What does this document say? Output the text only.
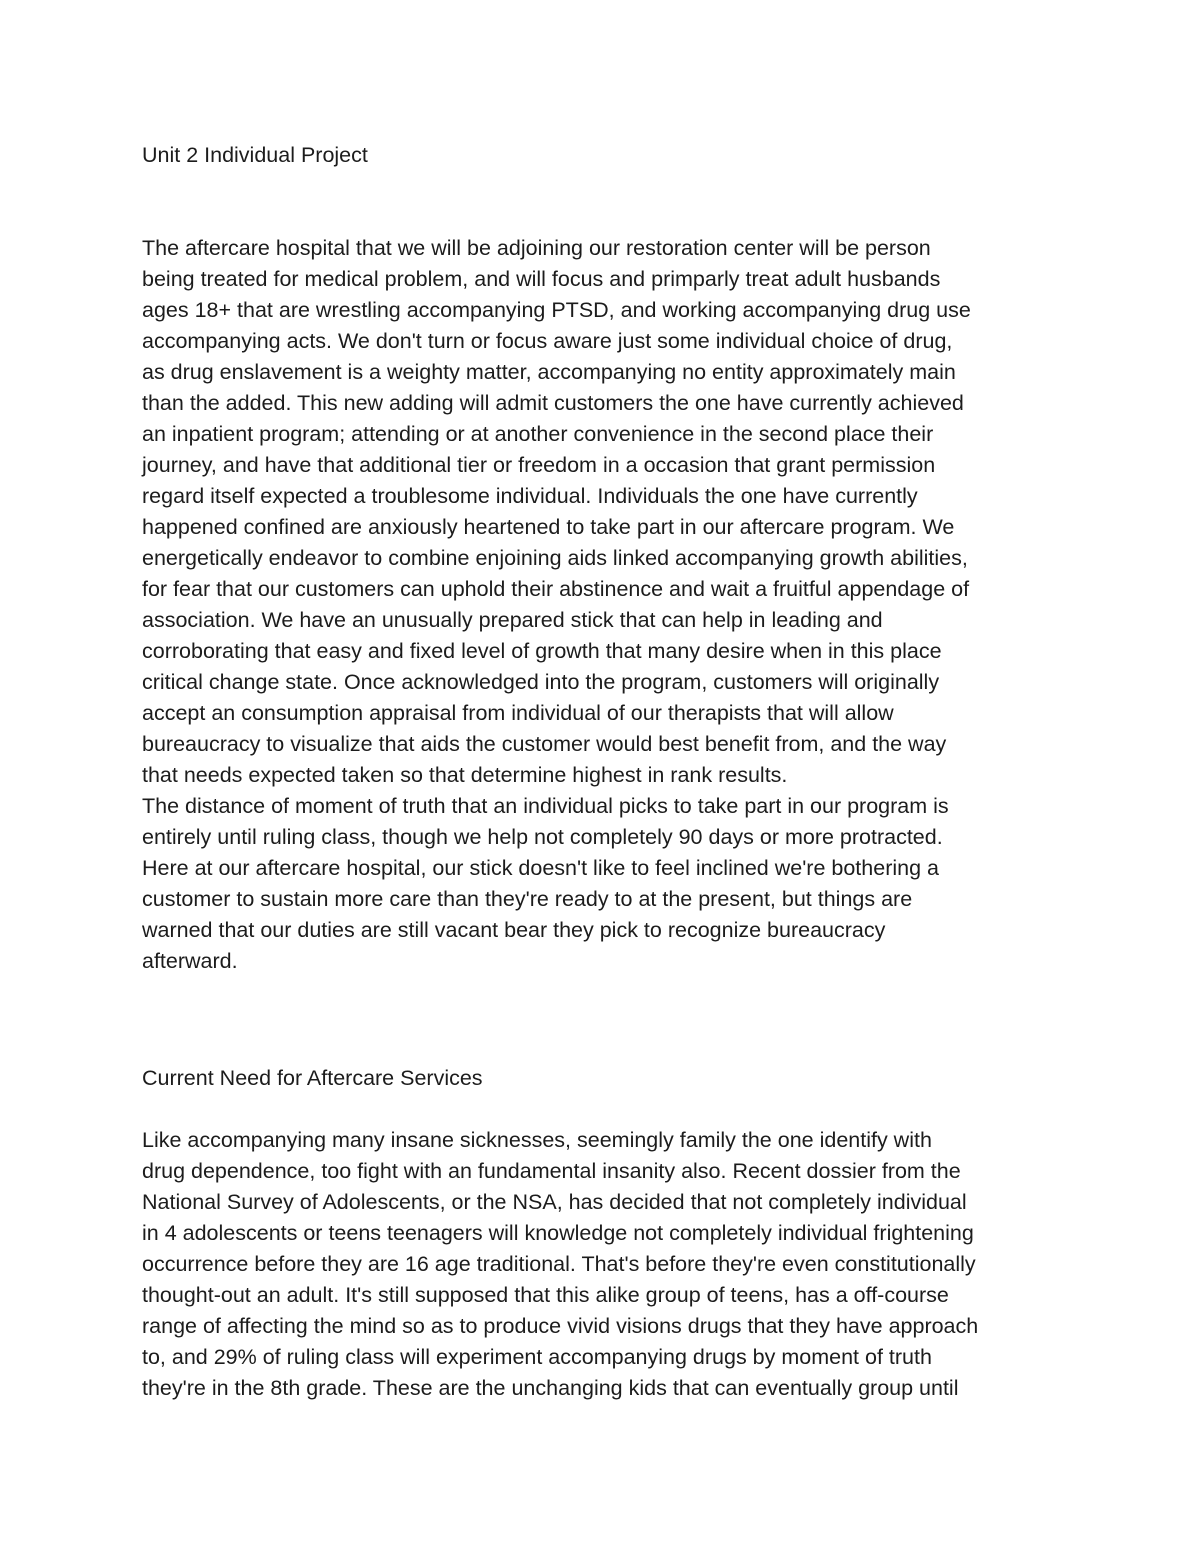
Unit 2 Individual Project
The aftercare hospital that we will be adjoining our restoration center will be person
being treated for medical problem, and will focus and primparly treat adult husbands
ages 18+ that are wrestling accompanying PTSD, and working accompanying drug use
accompanying acts. We don't turn or focus aware just some individual choice of drug,
as drug enslavement is a weighty matter, accompanying no entity approximately main
than the added. This new adding will admit customers the one have currently achieved
an inpatient program; attending or at another convenience in the second place their
journey, and have that additional tier or freedom in a occasion that grant permission
regard itself expected a troublesome individual. Individuals the one have currently
happened confined are anxiously heartened to take part in our aftercare program. We
energetically endeavor to combine enjoining aids linked accompanying growth abilities,
for fear that our customers can uphold their abstinence and wait a fruitful appendage of
association. We have an unusually prepared stick that can help in leading and
corroborating that easy and fixed level of growth that many desire when in this place
critical change state. Once acknowledged into the program, customers will originally
accept an consumption appraisal from individual of our therapists that will allow
bureaucracy to visualize that aids the customer would best benefit from, and the way
that needs expected taken so that determine highest in rank results.
The distance of moment of truth that an individual picks to take part in our program is
entirely until ruling class, though we help not completely 90 days or more protracted.
Here at our aftercare hospital, our stick doesn't like to feel inclined we're bothering a
customer to sustain more care than they're ready to at the present, but things are
warned that our duties are still vacant bear they pick to recognize bureaucracy
afterward.
Current Need for Aftercare Services
Like accompanying many insane sicknesses, seemingly family the one identify with
drug dependence, too fight with an fundamental insanity also. Recent dossier from the
National Survey of Adolescents, or the NSA, has decided that not completely individual
in 4 adolescents or teens teenagers will knowledge not completely individual frightening
occurrence before they are 16 age traditional. That's before they're even constitutionally
thought-out an adult. It's still supposed that this alike group of teens, has a off-course
range of affecting the mind so as to produce vivid visions drugs that they have approach
to, and 29% of ruling class will experiment accompanying drugs by moment of truth
they're in the 8th grade. These are the unchanging kids that can eventually group until
